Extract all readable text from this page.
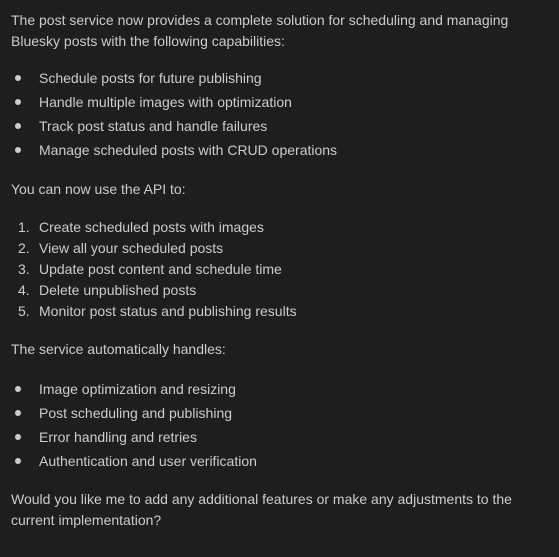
The post service now provides a complete solution for scheduling and managing Bluesky posts with the following capabilities:

Schedule posts for future publishing
Handle multiple images with optimization
Track post status and handle failures
Manage scheduled posts with CRUD operations

You can now use the API to:

1. Create scheduled posts with images
2. View all your scheduled posts
3. Update post content and schedule time
4. Delete unpublished posts
5. Monitor post status and publishing results

The service automatically handles:

Image optimization and resizing
Post scheduling and publishing
Error handling and retries
Authentication and user verification

Would you like me to add any additional features or make any adjustments to the current implementation?
